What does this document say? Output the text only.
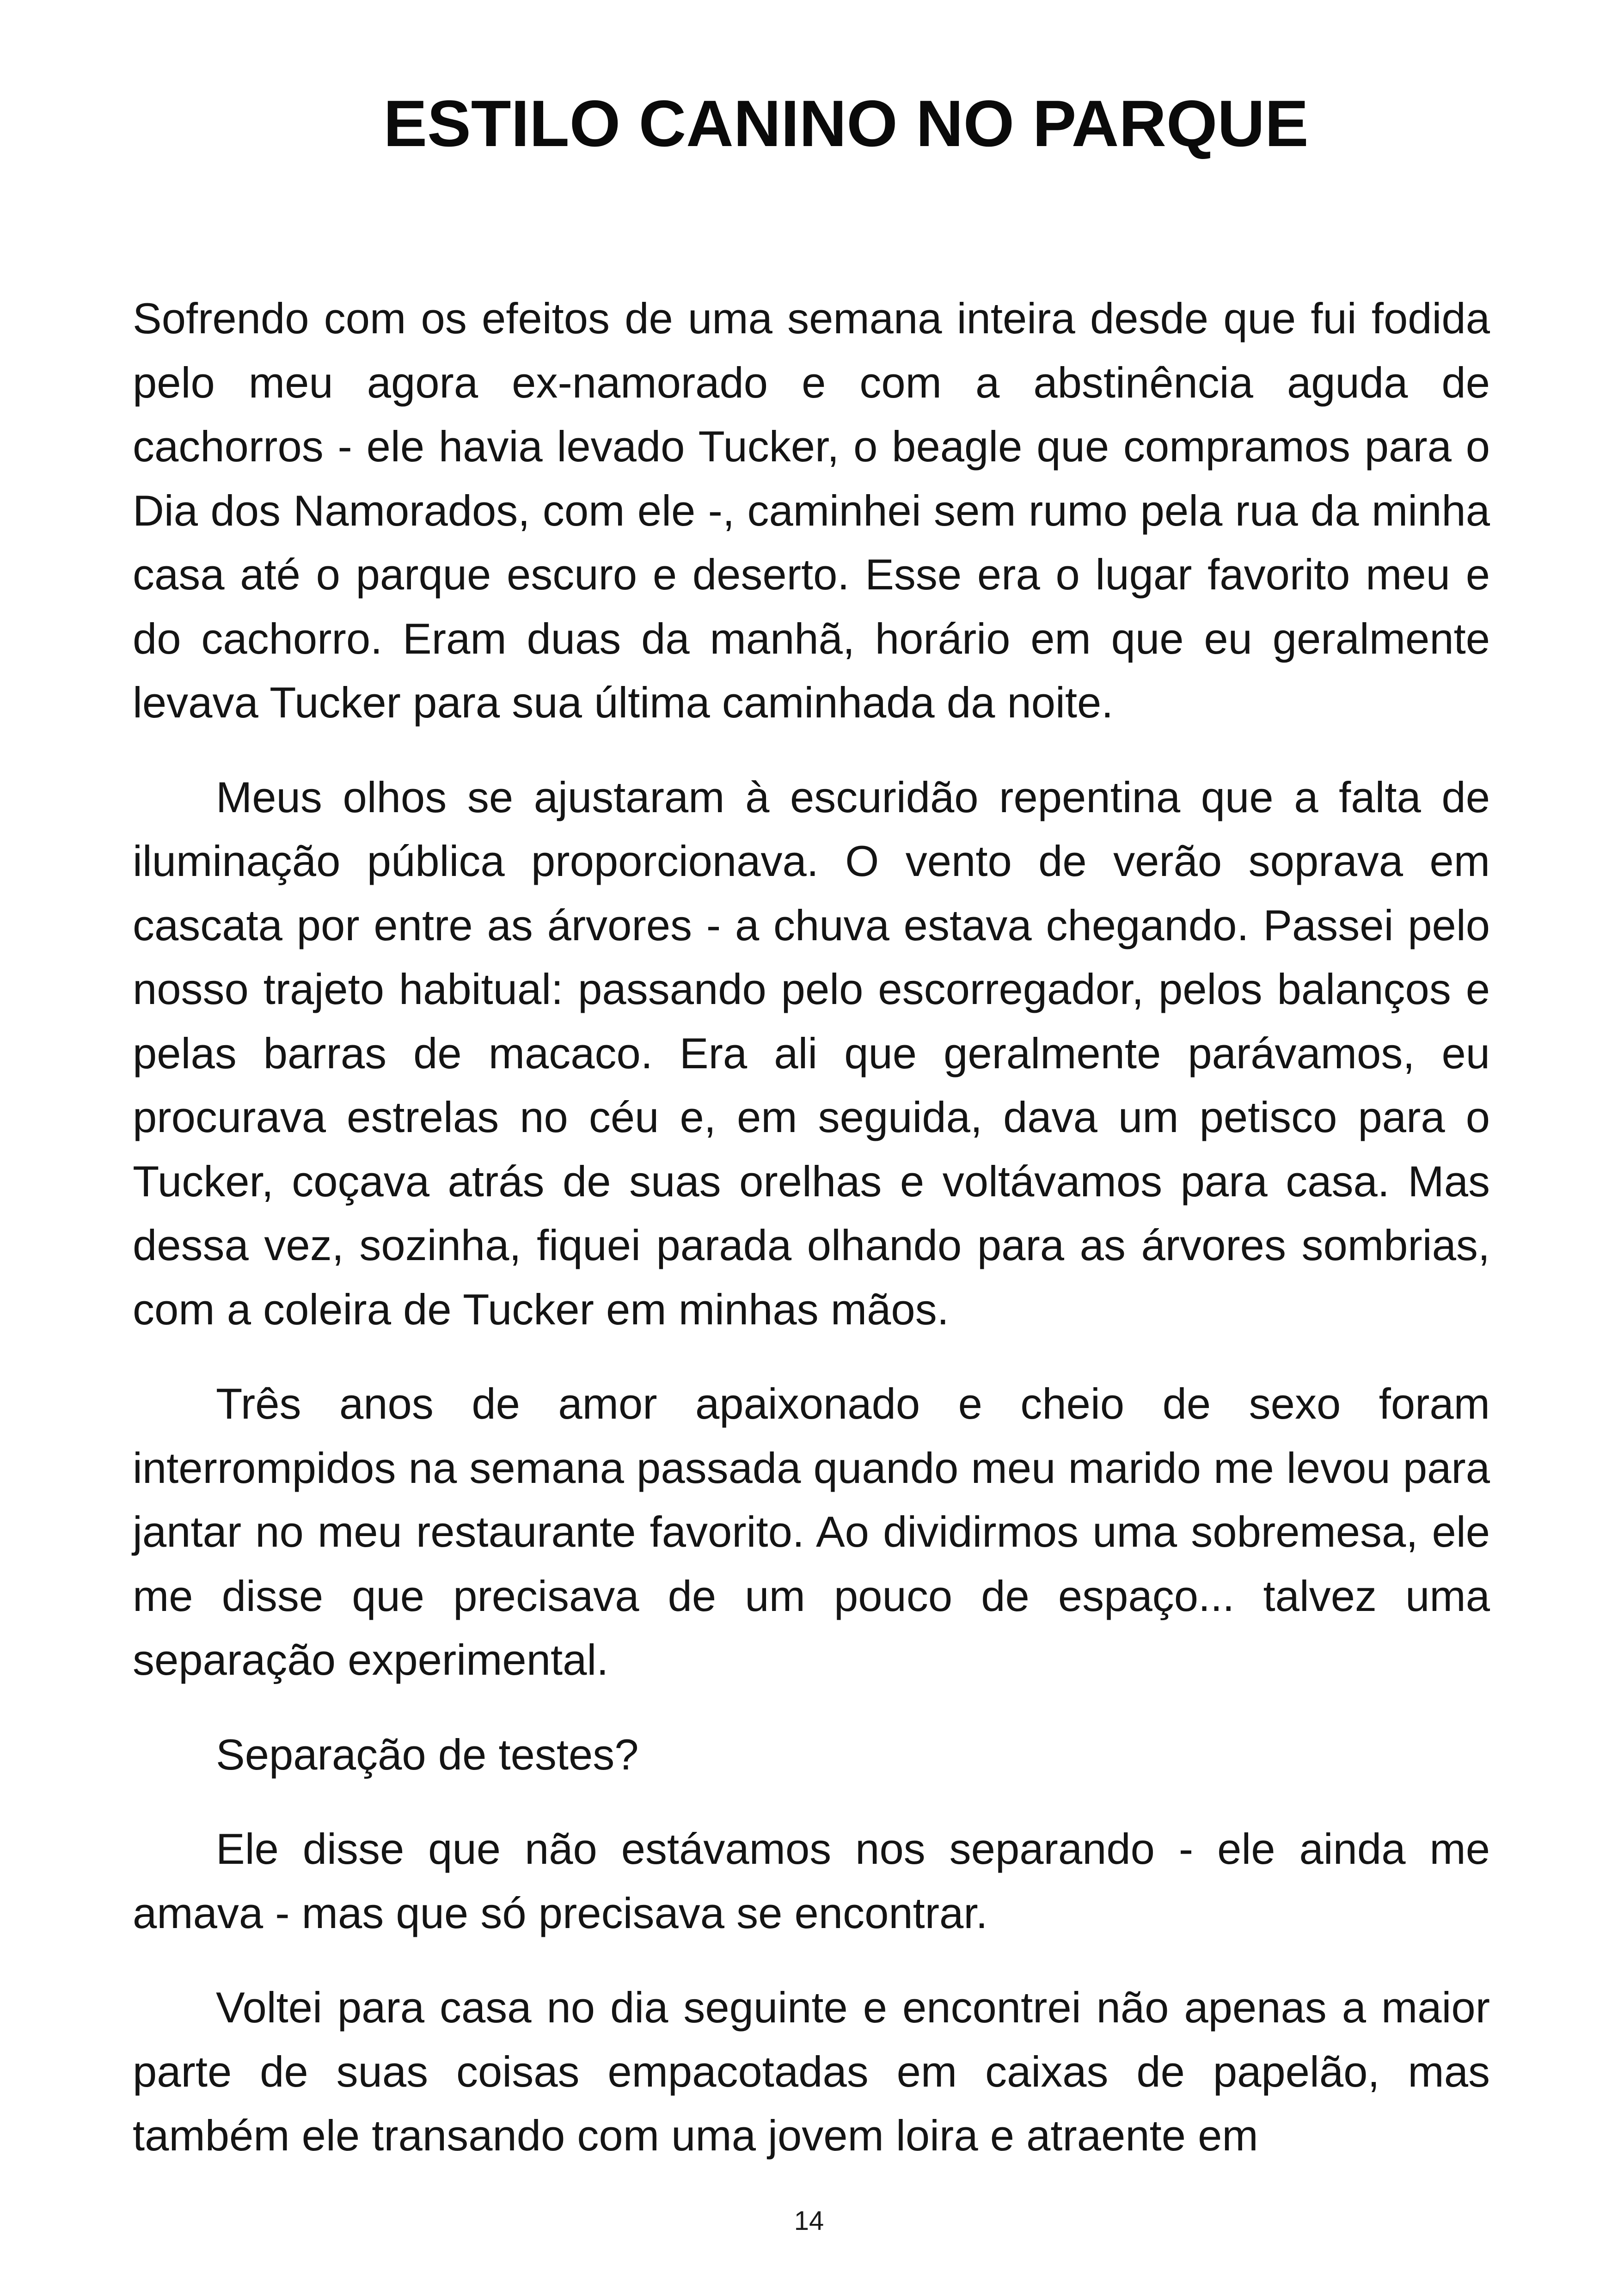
ESTILO CANINO NO PARQUE

Sofrendo com os efeitos de uma semana inteira desde que fui fodida pelo meu agora ex-namorado e com a abstinência aguda de cachorros - ele havia levado Tucker, o beagle que compramos para o Dia dos Namorados, com ele -, caminhei sem rumo pela rua da minha casa até o parque escuro e deserto. Esse era o lugar favorito meu e do cachorro. Eram duas da manhã, horário em que eu geralmente levava Tucker para sua última caminhada da noite.

Meus olhos se ajustaram à escuridão repentina que a falta de iluminação pública proporcionava. O vento de verão soprava em cascata por entre as árvores - a chuva estava chegando. Passei pelo nosso trajeto habitual: passando pelo escorregador, pelos balanços e pelas barras de macaco. Era ali que geralmente parávamos, eu procurava estrelas no céu e, em seguida, dava um petisco para o Tucker, coçava atrás de suas orelhas e voltávamos para casa. Mas dessa vez, sozinha, fiquei parada olhando para as árvores sombrias, com a coleira de Tucker em minhas mãos.

Três anos de amor apaixonado e cheio de sexo foram interrompidos na semana passada quando meu marido me levou para jantar no meu restaurante favorito. Ao dividirmos uma sobremesa, ele me disse que precisava de um pouco de espaço... talvez uma separação experimental.

Separação de testes?

Ele disse que não estávamos nos separando - ele ainda me amava - mas que só precisava se encontrar.

Voltei para casa no dia seguinte e encontrei não apenas a maior parte de suas coisas empacotadas em caixas de papelão, mas também ele transando com uma jovem loira e atraente em

14
